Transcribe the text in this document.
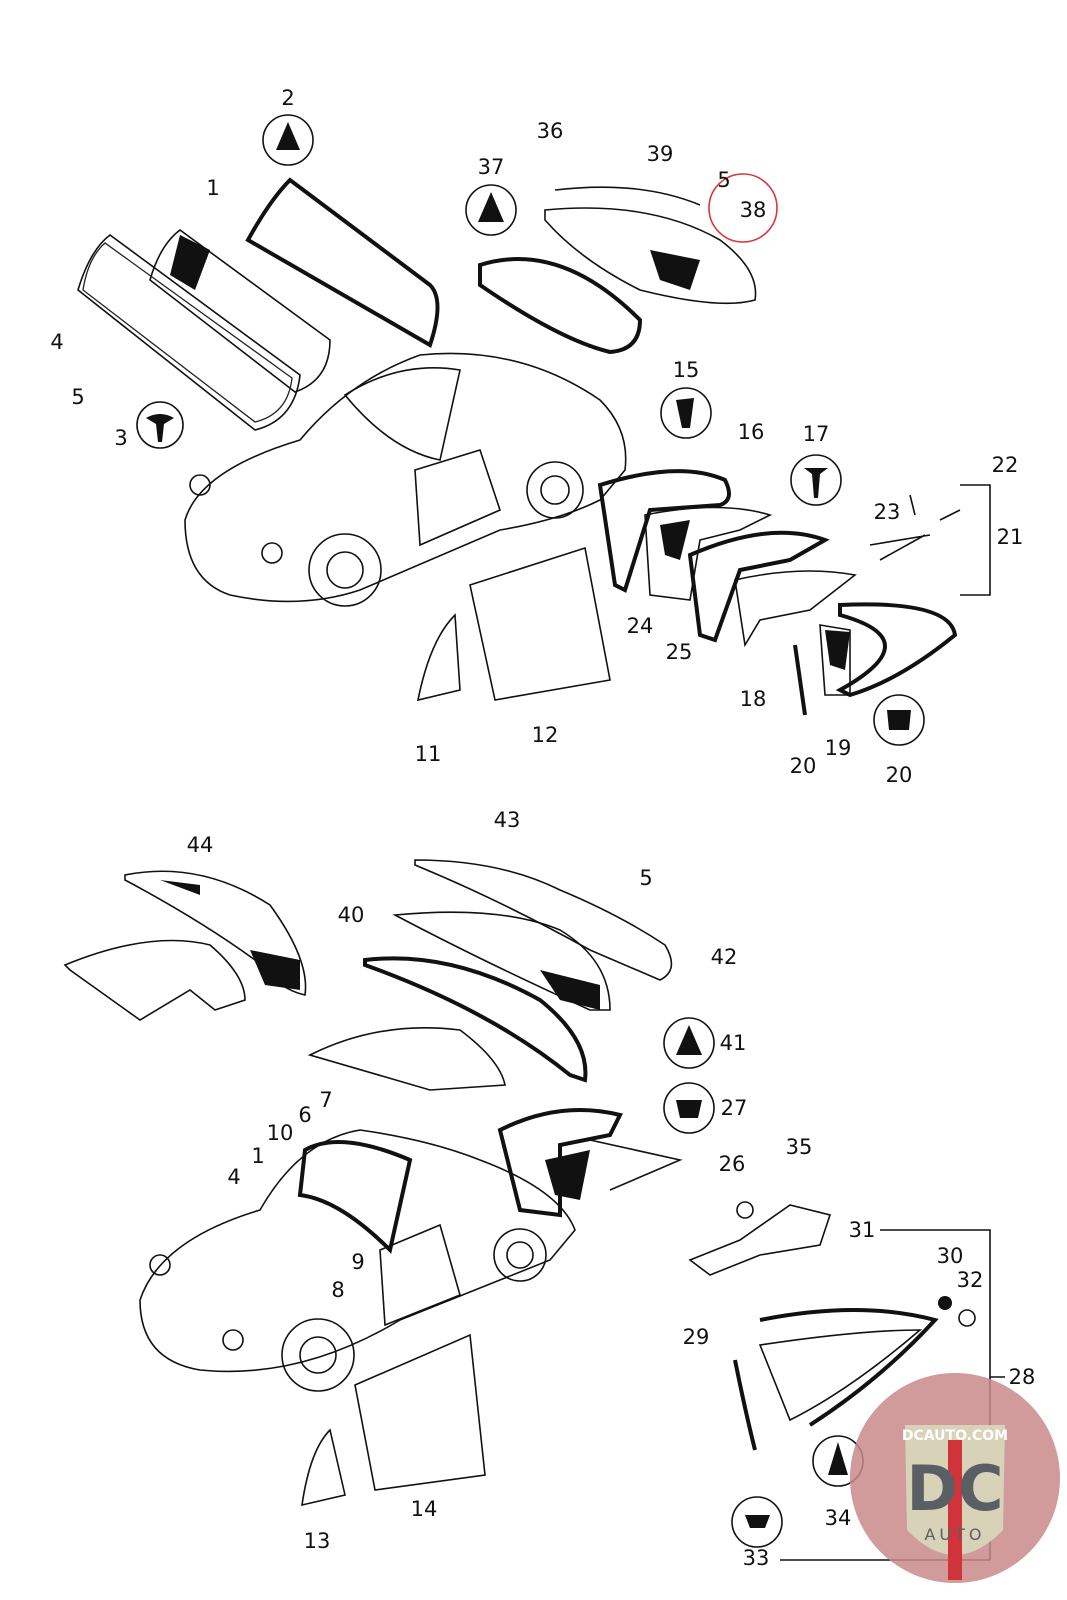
2
1
4
5
3
37
36
39
5
38
15
16 17
22
23
21
24
25
18
11
12
20
19
20
44
43
5
40
42
41
27
7
6
10
1
4
26
35
31
30
32
9
8
29
28
34
33
13
14
DCAUTO.COM
DC
AUTO
